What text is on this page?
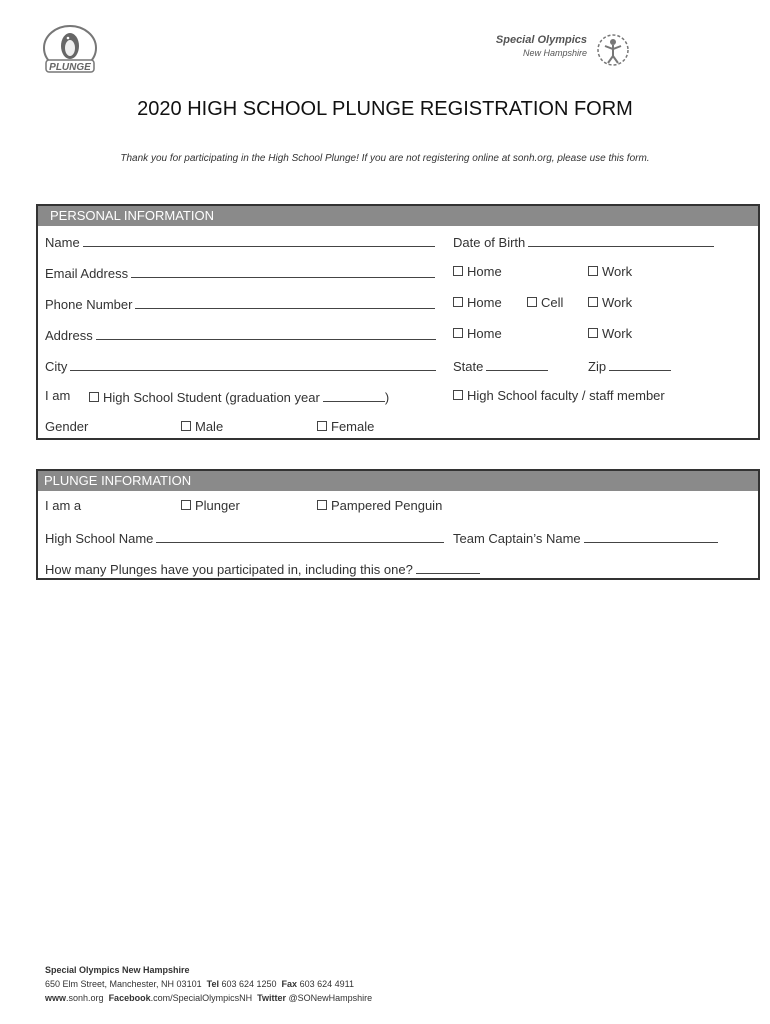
PLUNGE
Special Olympics
New Hampshire
2020 HIGH SCHOOL PLUNGE REGISTRATION FORM
Thank you for participating in the High School Plunge! If you are not registering online at sonh.org, please use this form.
PERSONAL INFORMATION
Name	Date of Birth
Email Address	Home	Work
Phone Number	Home	Cell	Work
Address	Home	Work
City	State	Zip
I am	High School Student (graduation year	)	High School faculty / staff member
Gender	Male	Female
PLUNGE INFORMATION
I am a	Plunger	Pampered Penguin
High School Name	Team Captain’s Name
How many Plunges have you participated in, including this one?
Special Olympics New Hampshire
650 Elm Street, Manchester, NH 03101 Tel 603 624 1250 Fax 603 624 4911
www.sonh.org Facebook.com/SpecialOlympicsNH Twitter @SONewHampshire
